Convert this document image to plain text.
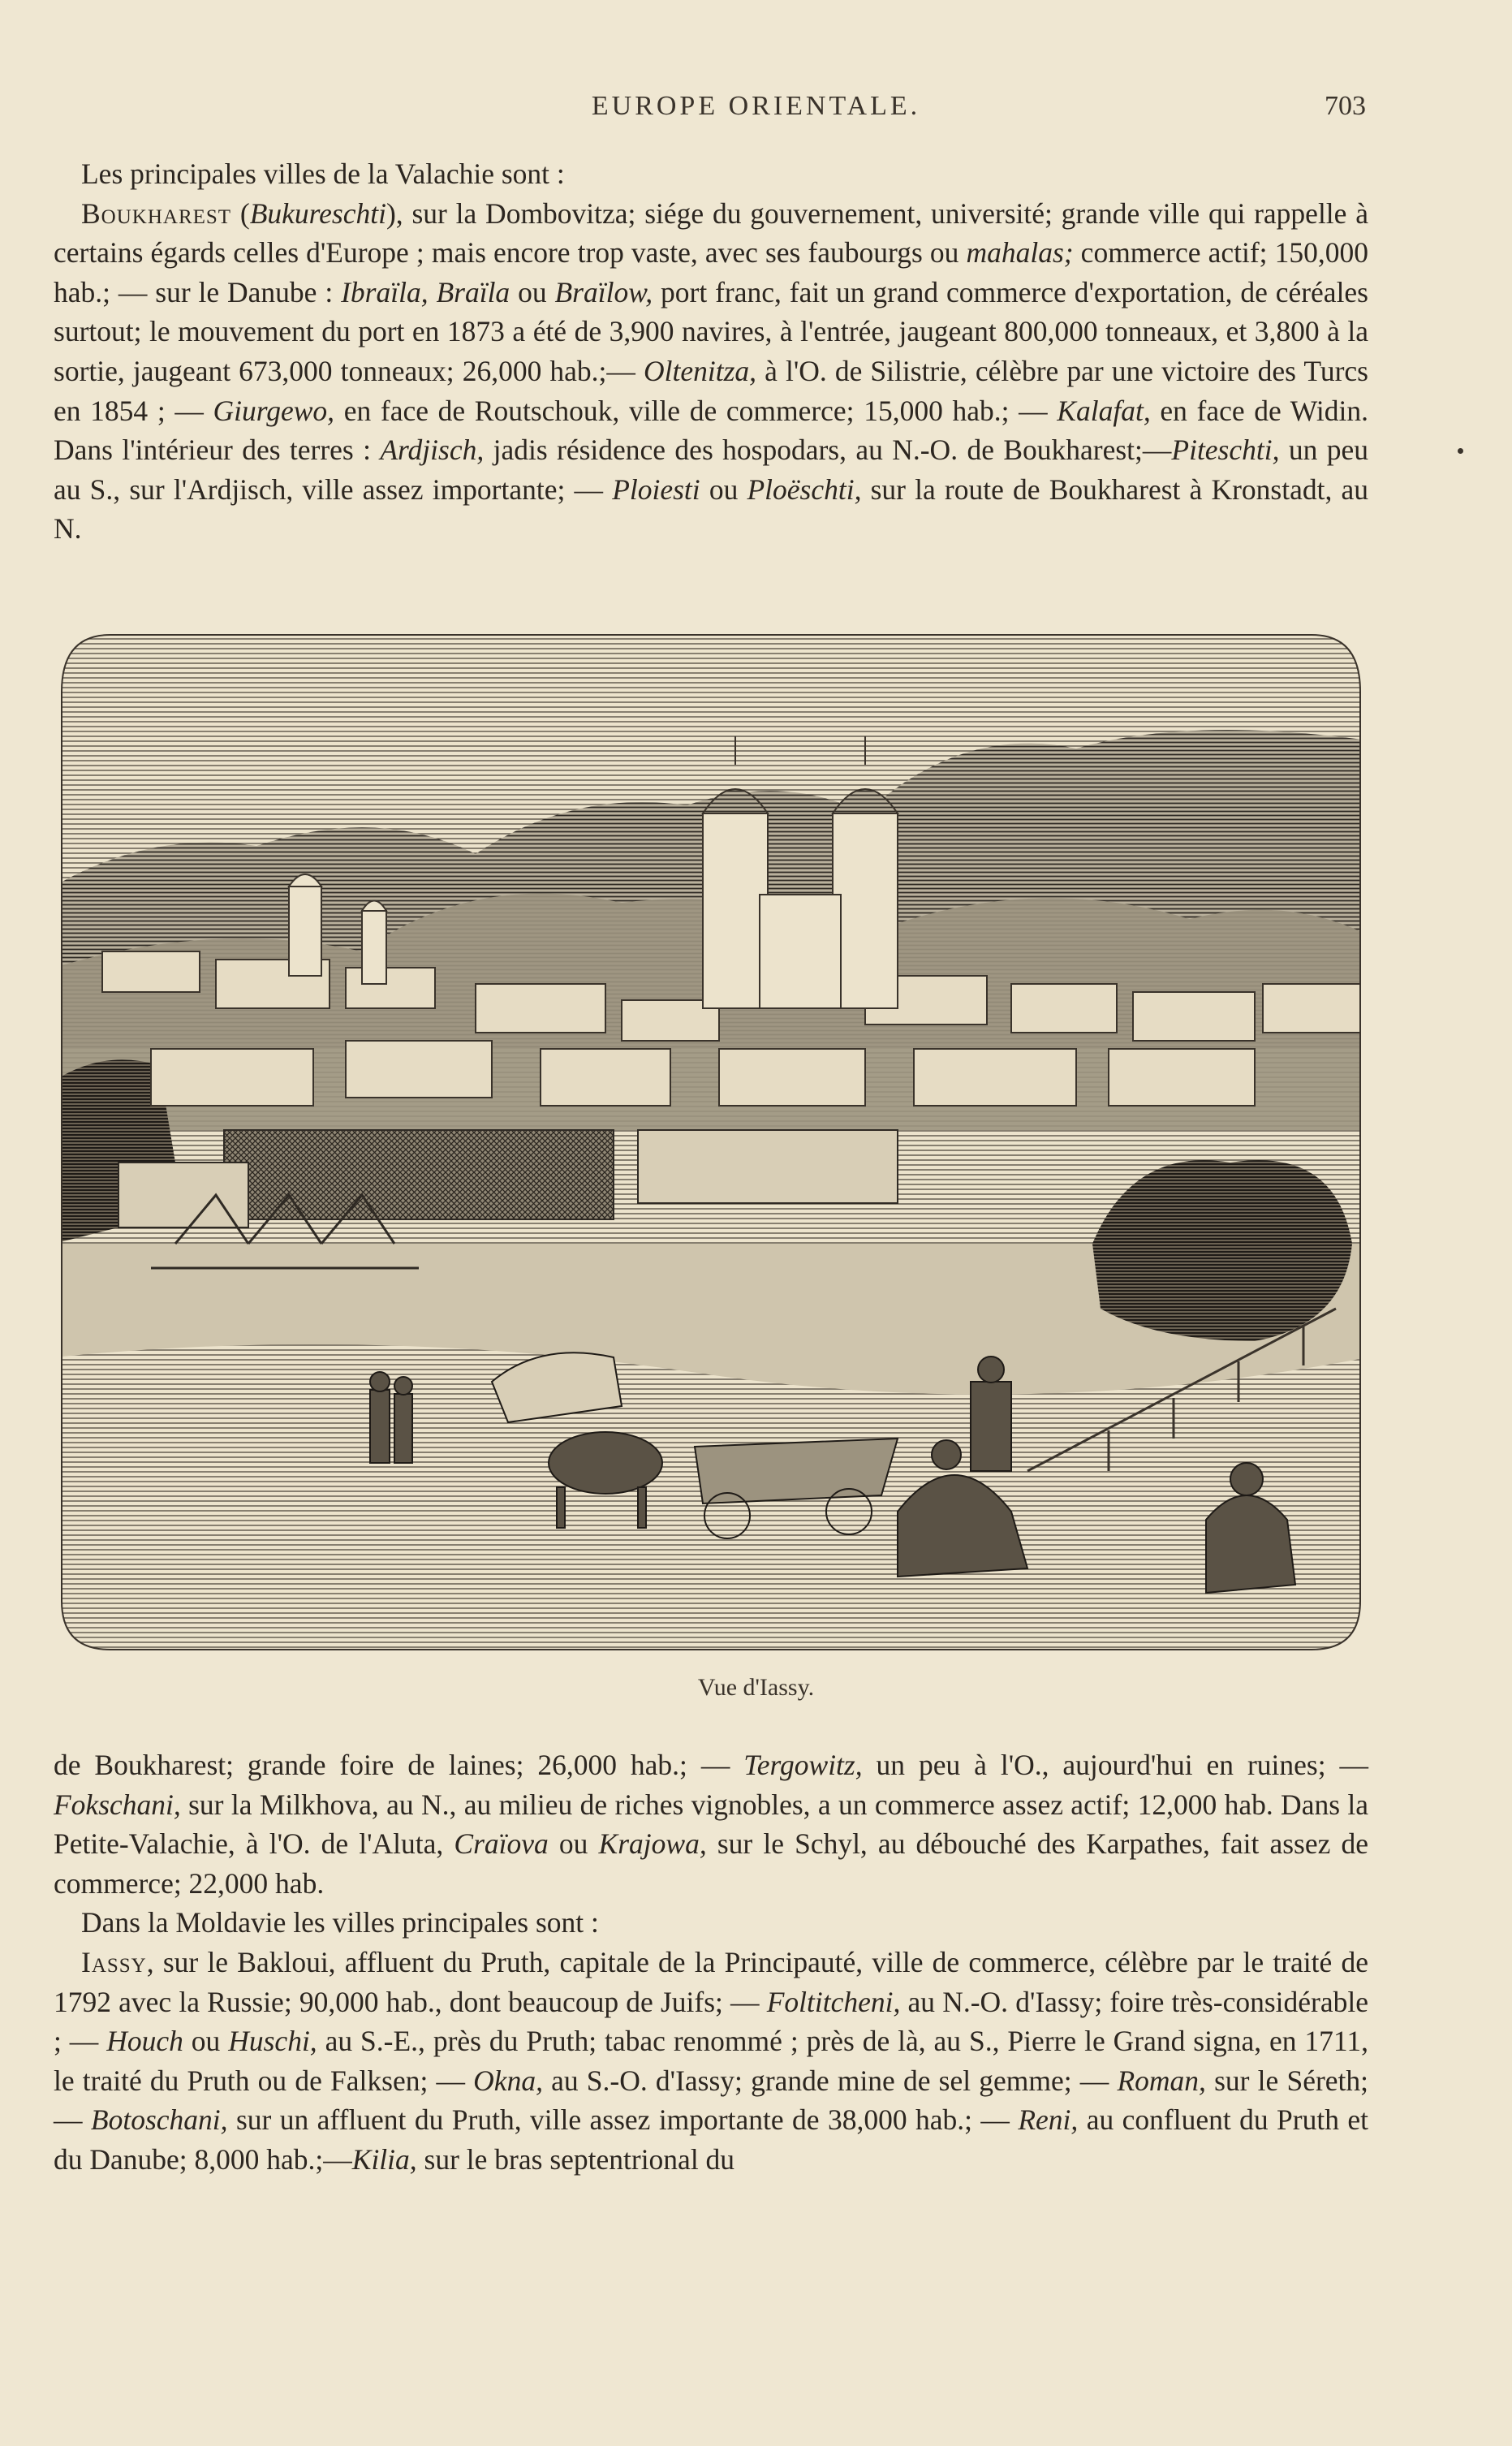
EUROPE ORIENTALE.	703

Les principales villes de la Valachie sont :

Boukharest (Bukureschti), sur la Dombovitza; siége du gouvernement, université; grande ville qui rappelle à certains égards celles d'Europe ; mais encore trop vaste, avec ses faubourgs ou mahalas; commerce actif; 150,000 hab.; — sur le Danube : Ibraïla, Braïla ou Braïlow, port franc, fait un grand commerce d'exportation, de céréales surtout; le mouvement du port en 1873 a été de 3,900 navires, à l'entrée, jaugeant 800,000 tonneaux, et 3,800 à la sortie, jaugeant 673,000 tonneaux; 26,000 hab.;— Oltenitza, à l'O. de Silistrie, célèbre par une victoire des Turcs en 1854 ; — Giurgewo, en face de Routschouk, ville de commerce; 15,000 hab.; — Kalafat, en face de Widin. Dans l'intérieur des terres : Ardjisch, jadis résidence des hospodars, au N.-O. de Boukharest;—Piteschti, un peu au S., sur l'Ardjisch, ville assez importante; — Ploiesti ou Ploëschti, sur la route de Boukharest à Kronstadt, au N.

Vue d'Iassy.

de Boukharest; grande foire de laines; 26,000 hab.; — Tergowitz, un peu à l'O., aujourd'hui en ruines; — Fokschani, sur la Milkhova, au N., au milieu de riches vignobles, a un commerce assez actif; 12,000 hab. Dans la Petite-Valachie, à l'O. de l'Aluta, Craïova ou Krajowa, sur le Schyl, au débouché des Karpathes, fait assez de commerce; 22,000 hab.

Dans la Moldavie les villes principales sont :

Iassy, sur le Bakloui, affluent du Pruth, capitale de la Principauté, ville de commerce, célèbre par le traité de 1792 avec la Russie; 90,000 hab., dont beaucoup de Juifs; — Foltitcheni, au N.-O. d'Iassy; foire très-considérable ; — Houch ou Huschi, au S.-E., près du Pruth; tabac renommé ; près de là, au S., Pierre le Grand signa, en 1711, le traité du Pruth ou de Falksen; — Okna, au S.-O. d'Iassy; grande mine de sel gemme; — Roman, sur le Séreth; — Botoschani, sur un affluent du Pruth, ville assez importante de 38,000 hab.; — Reni, au confluent du Pruth et du Danube; 8,000 hab.;—Kilia, sur le bras septentrional du
